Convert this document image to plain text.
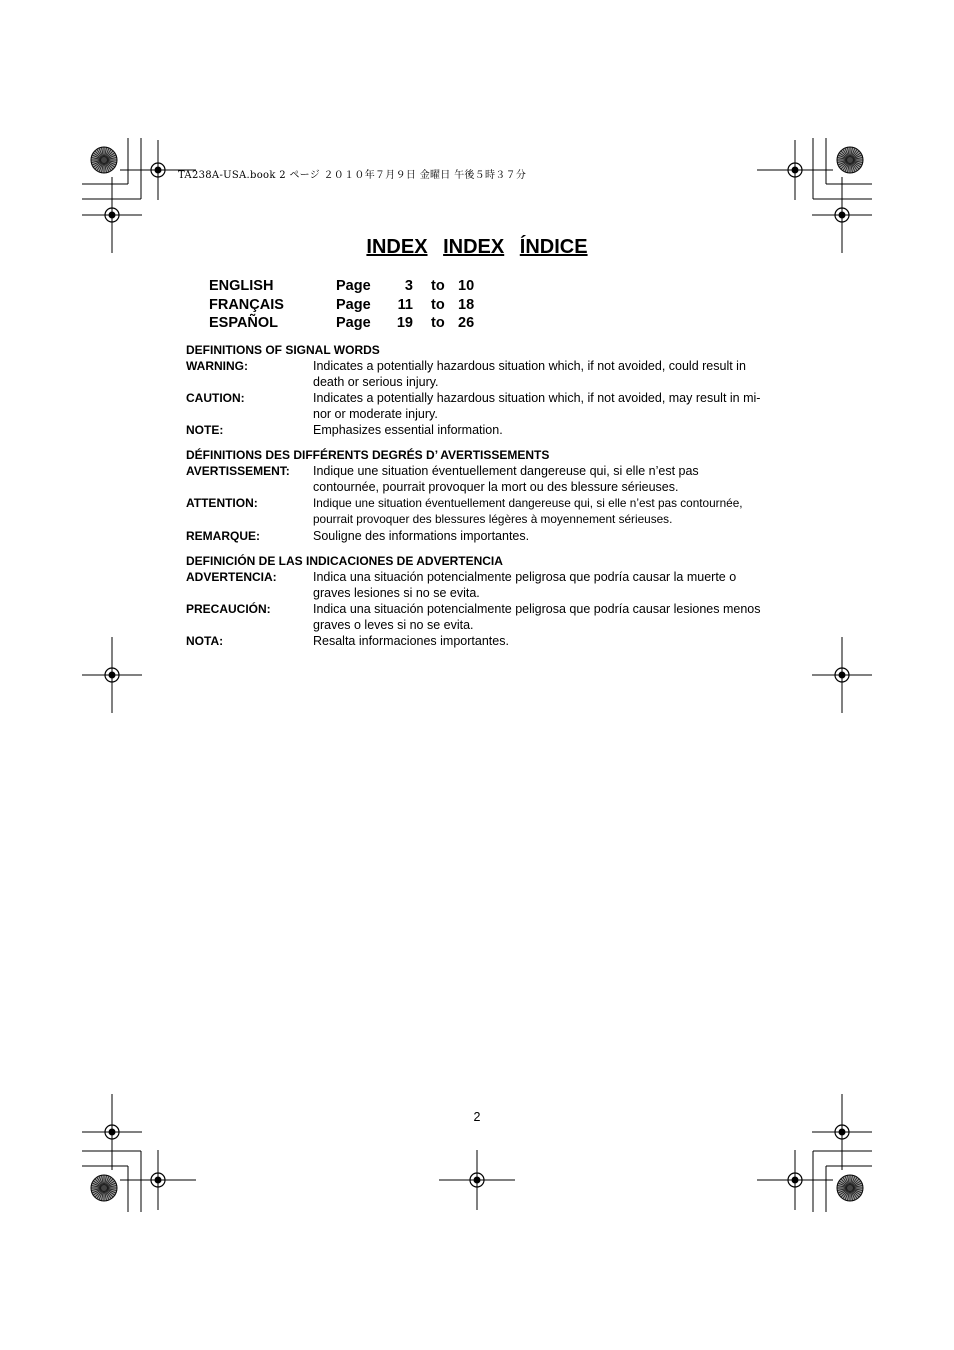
TA238A-USA.book 2 ページ ２０１０年７月９日 金曜日 午後５時３７分
INDEX INDEX ÍNDICE
ENGLISH	Page	3 to 10
FRANÇAIS	Page 11 to 18
ESPAÑOL	Page 19 to 26
DEFINITIONS OF SIGNAL WORDS
WARNING:	Indicates a potentially hazardous situation which, if not avoided, could result in
death or serious injury.
CAUTION:	Indicates a potentially hazardous situation which, if not avoided, may result in mi-
nor or moderate injury.
NOTE:	Emphasizes essential information.
DÉFINITIONS DES DIFFÉRENTS DEGRÉS D’ AVERTISSEMENTS
AVERTISSEMENT: Indique une situation éventuellement dangereuse qui, si elle n’est pas
contournée, pourrait provoquer la mort ou des blessure sérieuses.
ATTENTION:	Indique une situation éventuellement dangereuse qui, si elle n’est pas contournée,
pourrait provoquer des blessures légères à moyennement sérieuses.
REMARQUE:	Souligne des informations importantes.
DEFINICIÓN DE LAS INDICACIONES DE ADVERTENCIA
ADVERTENCIA:	Indica una situación potencialmente peligrosa que podría causar la muerte o
graves lesiones si no se evita.
PRECAUCIÓN:	Indica una situación potencialmente peligrosa que podría causar lesiones menos
graves o leves si no se evita.
NOTA:	Resalta informaciones importantes.
2
